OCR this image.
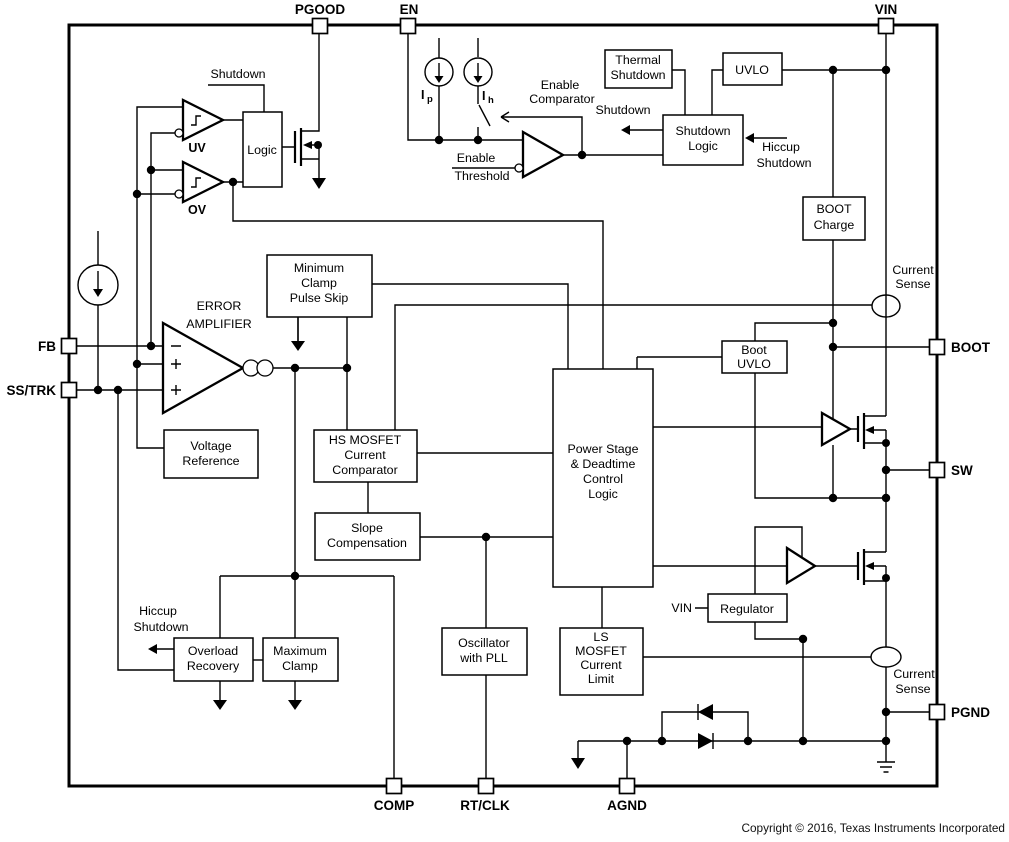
Logic
Thermal
Shutdown	UVLO
Shutdown
Logic
BOOT
Charge
Minimum
Clamp
Pulse Skip
Voltage
Reference
HS MOSFET
Current
Comparator
Slope
Compensation
Power Stage
& Deadtime
Control
Logic
Boot
UVLO
Overload
Recovery
Maximum
Clamp
Oscillator
with PLL
LS
MOSFET
Current
Limit
Regulator
PGOOD	EN	VIN
FB
SS/TRK
BOOT
SW
PGND
COMP	RT/CLK	AGND
Shutdown
UV
OV
ERROR
AMPLIFIER
Enable
Comparator
Enable
Threshold
Shutdown
Hiccup
Shutdown
Hiccup
Shutdown
Current
Sense
Current
Sense
VIN
I p	I h
Copyright © 2016, Texas Instruments Incorporated
